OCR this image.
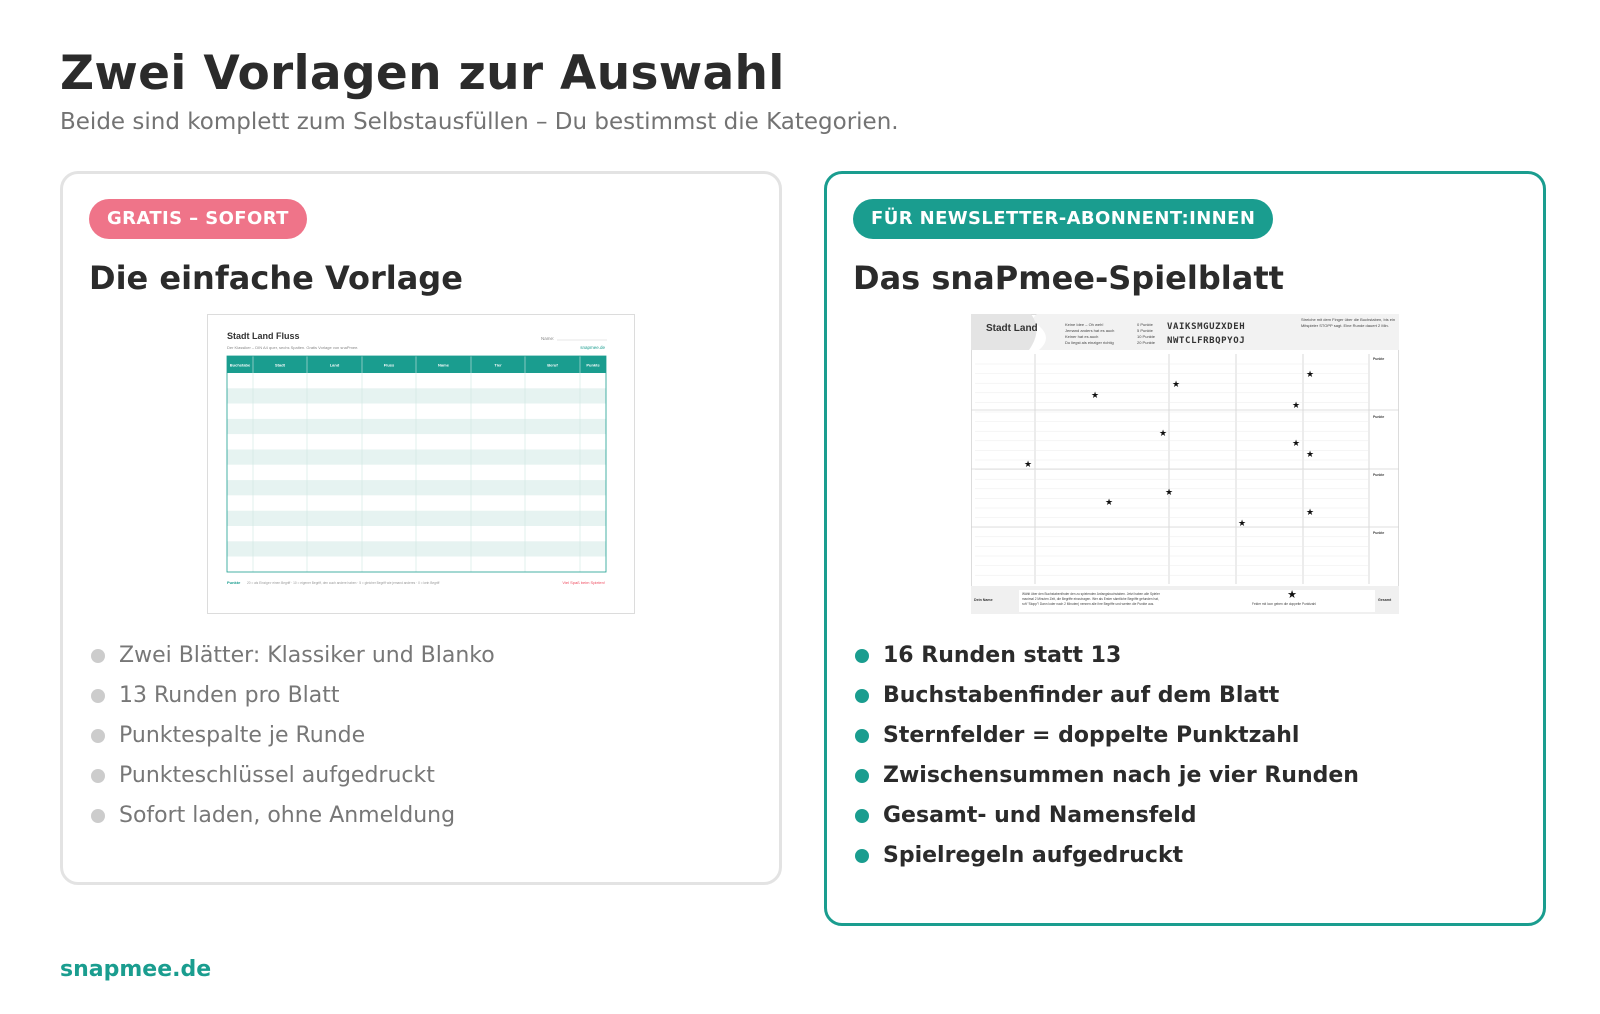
Zwei Vorlagen zur Auswahl

Beide sind komplett zum Selbstausfüllen – Du bestimmst die Kategorien.

GRATIS – SOFORT
Die einfache Vorlage
Stadt Land Fluss
Der Klassiker – DIN A4 quer, sechs Spalten. Gratis Vorlage von snaPmee.
Name:
snapmee.de
Buchstabe	Stadt	Land	Fluss	Name	Tier	Beruf	Punkte
Punkte 20 = als Einzige:r einen Begriff · 10 = eigener Begriff, den auch andere haben · 5 = gleicher Begriff wie jemand anderes · 0 = kein Begriff	Viel Spaß beim Spielen!
Zwei Blätter: Klassiker und Blanko
13 Runden pro Blatt
Punktespalte je Runde
Punkteschlüssel aufgedruckt
Sofort laden, ohne Anmeldung
FÜR NEWSLETTER-ABONNENT:INNEN
Das snaPmee-Spielblatt
Stadt Land	Keine Idee – Oh weh!
Jemand anders hat es auch
Keiner hat es auch
Du liegst als einziger richtig
0 Punkte
5 Punkte
10 Punkte
20 Punkte
VAIKSMGUZXDEH
NWTCLFRBQPYOJ
Streiche mit dem Finger über die Buchstaben, bis ein Mitspieler STOPP sagt. Eine Runde dauert 2 Min.
Punkte
Punkte
Punkte
Punkte
★
★
★
★
★
★
★
★
★
★
★
★
Dein Name
Wählt über den Buchstabenfinder den zu spielenden Anfangsbuchstaben. Jetzt haben alle Spieler
maximal 2 Minuten Zeit, die Begriffe einzutragen. Wer als Erster sämtliche Begriffe gefunden hat,
ruft "Stopp"! Dann loder nach 2 Minuten) nennen alle ihre Begriffe und werten die Punkte aus.	Felder mit Icon geben die doppelte Punktzahl
★	Gesamt
16 Runden statt 13
Buchstabenfinder auf dem Blatt
Sternfelder = doppelte Punktzahl
Zwischensummen nach je vier Runden
Gesamt- und Namensfeld
Spielregeln aufgedruckt
snapmee.de
